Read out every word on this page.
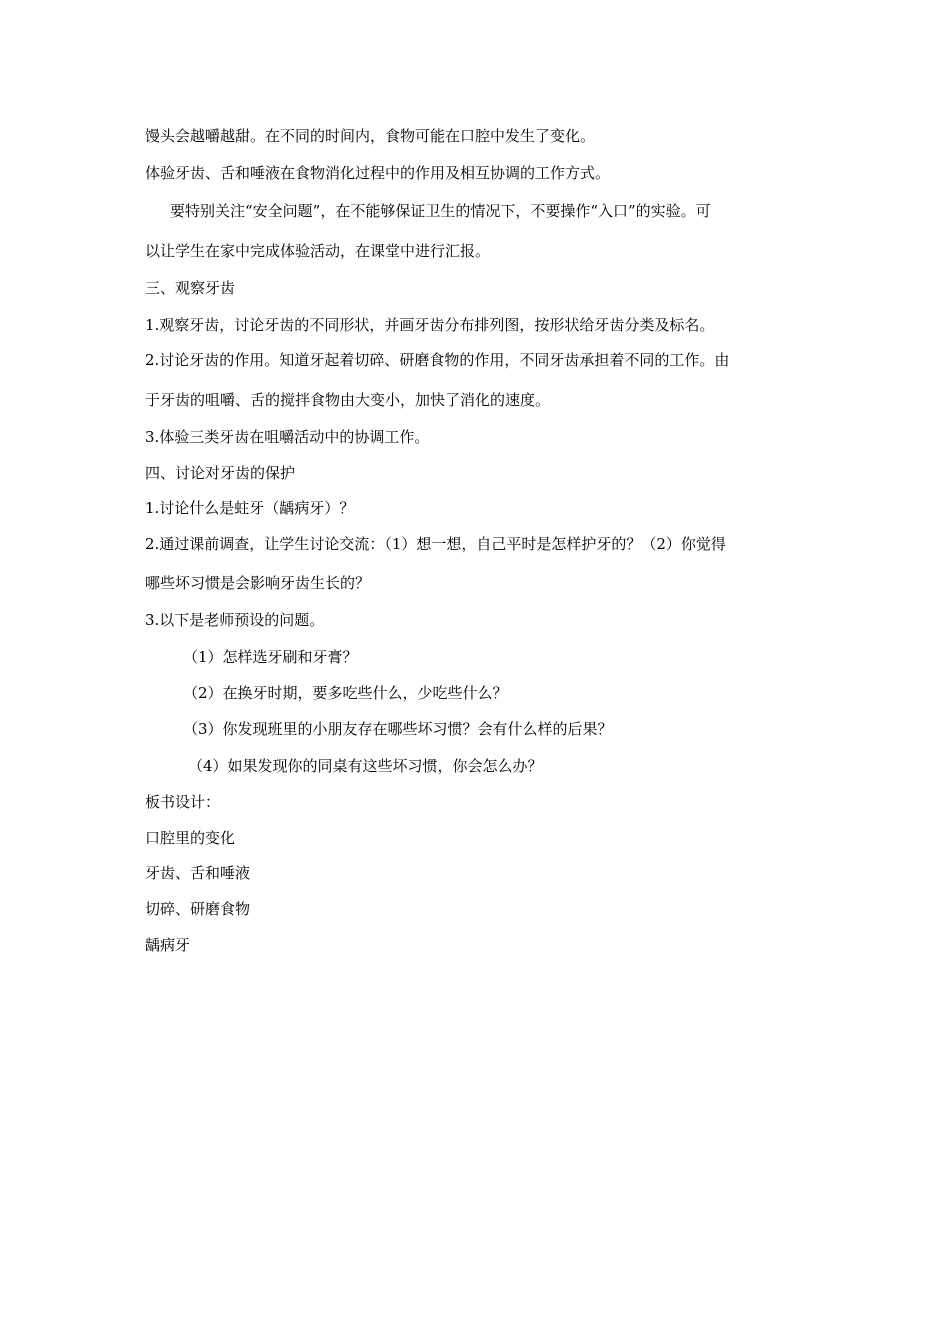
馒头会越嚼越甜。在不同的时间内，食物可能在口腔中发生了变化。
体验牙齿、舌和唾液在食物消化过程中的作用及相互协调的工作方式。
要特别关注“安全问题”，在不能够保证卫生的情况下，不要操作“入口”的实验。可
以让学生在家中完成体验活动，在课堂中进行汇报。
三、观察牙齿
1.观察牙齿，讨论牙齿的不同形状，并画牙齿分布排列图，按形状给牙齿分类及标名。
2.讨论牙齿的作用。知道牙起着切碎、研磨食物的作用，不同牙齿承担着不同的工作。由
于牙齿的咀嚼、舌的搅拌食物由大变小，加快了消化的速度。
3.体验三类牙齿在咀嚼活动中的协调工作。
四、讨论对牙齿的保护
1.讨论什么是蛀牙（龋病牙）？
2.通过课前调查，让学生讨论交流：（1）想一想，自己平时是怎样护牙的？（2）你觉得
哪些坏习惯是会影响牙齿生长的？
3.以下是老师预设的问题。
（1）怎样选牙刷和牙膏？
（2）在换牙时期，要多吃些什么，少吃些什么？
（3）你发现班里的小朋友存在哪些坏习惯？会有什么样的后果？
（4）如果发现你的同桌有这些坏习惯，你会怎么办？
板书设计：
口腔里的变化
牙齿、舌和唾液
切碎、研磨食物
龋病牙
